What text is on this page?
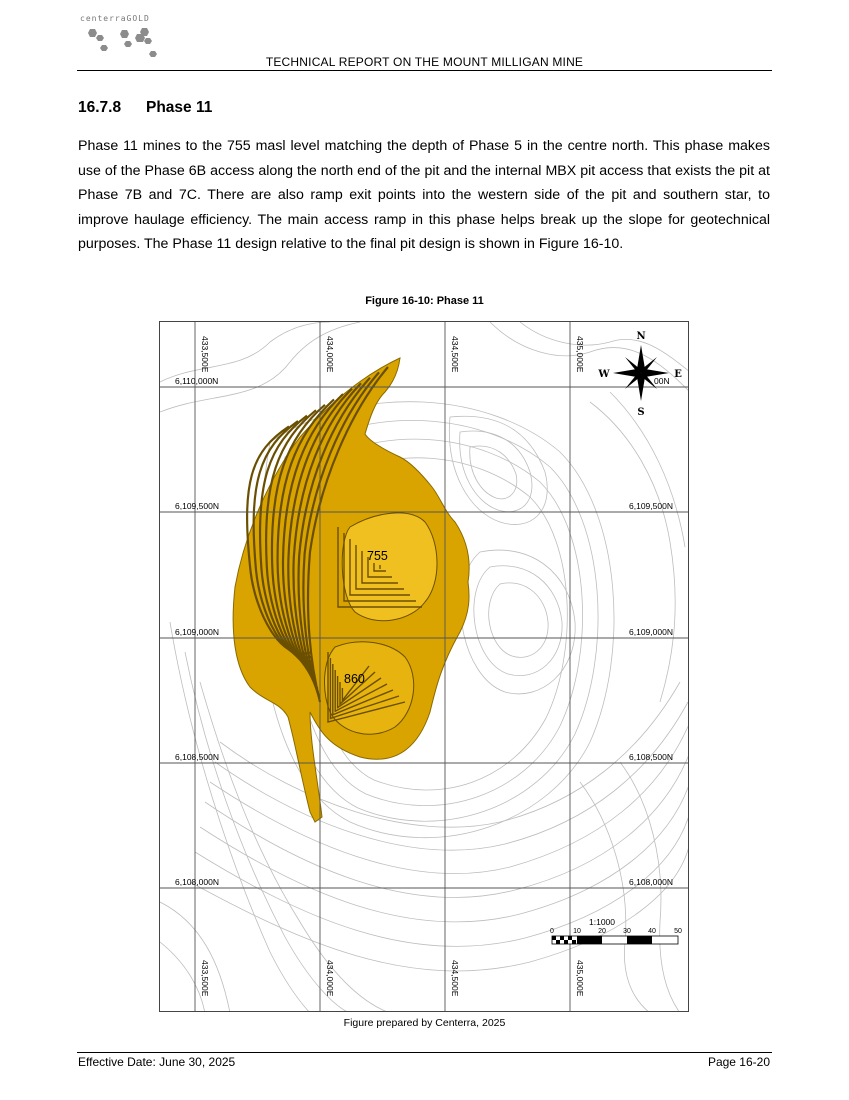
centerraGOLD
TECHNICAL REPORT ON THE MOUNT MILLIGAN MINE
16.7.8 Phase 11
Phase 11 mines to the 755 masl level matching the depth of Phase 5 in the centre north. This phase makes use of the Phase 6B access along the north end of the pit and the internal MBX pit access that exists the pit at Phase 7B and 7C. There are also ramp exit points into the western side of the pit and southern star, to improve haulage efficiency. The main access ramp in this phase helps break up the slope for geotechnical purposes. The Phase 11 design relative to the final pit design is shown in Figure 16-10.
Figure 16-10: Phase 11
433,500E	434,000E	434,500E	435,000E
433,500E	434,000E	434,500E	435,000E
6,110,000N
6,109,500N
6,109,000N
6,108,500N
6,108,000N
00N
6,109,500N
6,109,000N
6,108,500N
6,108,000N
755
860
N
S
E
W
1:1000
0	10 20 30 40	50
Figure prepared by Centerra, 2025
Effective Date: June 30, 2025	Page 16-20
